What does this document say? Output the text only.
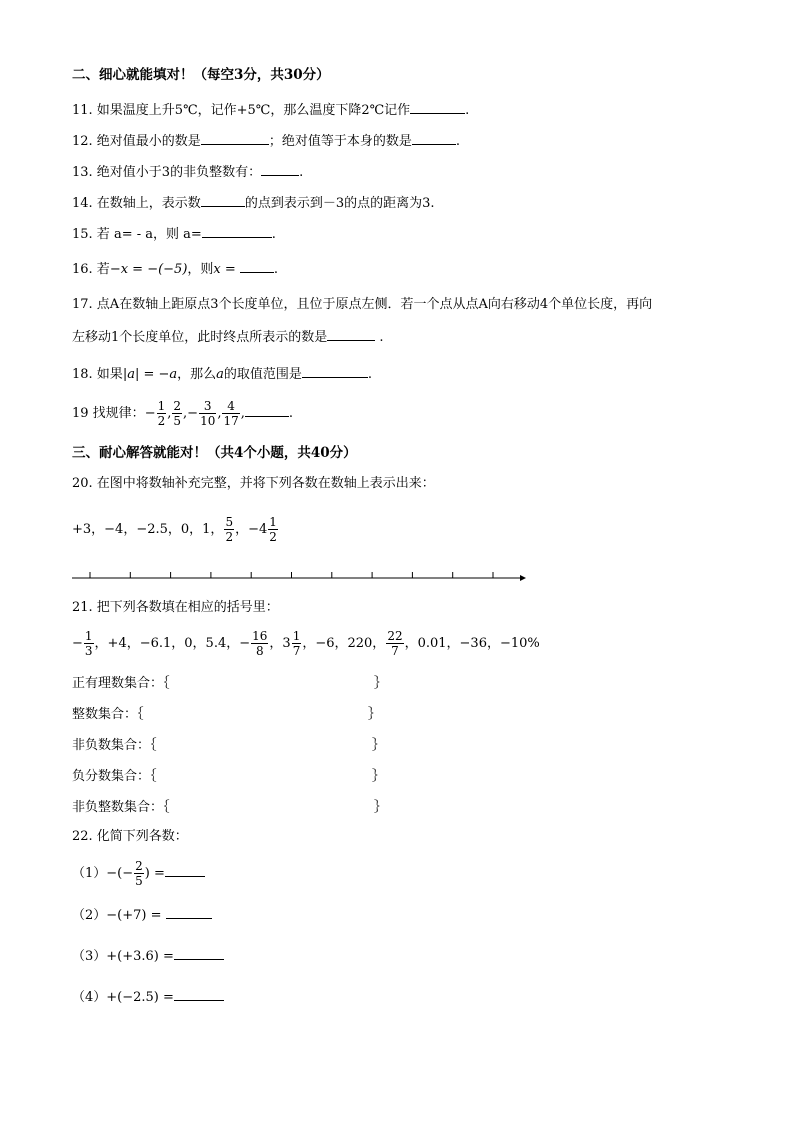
二、细心就能填对！（每空3分，共30分）
11. 如果温度上升5℃，记作+5℃，那么温度下降2℃记作	.
12. 绝对值最小的数是	；绝对值等于本身的数是	.
13. 绝对值小于3的非负整数有：	.
14. 在数轴上，表示数	的点到表示到－3的点的距离为3.
15. 若 a= - a，则 a=	.
16. 若−x = −(−5)，则x =	.
17. 点A在数轴上距原点3个长度单位，且位于原点左侧．若一个点从点A向右移动4个单位长度，再向
左移动1个长度单位，此时终点所表示的数是	.
18. 如果|a| = −a，那么a的取值范围是	.
19 找规律：− $\frac{1}{2}$ , $\frac{2}{5}$ ,− $\frac{3}{10}$ , $\frac{4}{17}$ ,	.
三、耐心解答就能对！（共4个小题，共40分）
20. 在图中将数轴补充完整，并将下列各数在数轴上表示出来：
+3，−4，−2.5，0，1， $\frac{5}{2}$ ，$-4 \frac{1}{2}$
21. 把下列各数填在相应的括号里：
− $\frac{1}{3}$ ，+4，−6.1，0，5.4，− $\frac{16}{8}$ ，$3 \frac{1}{7}$ ，−6，220， $\frac{22}{7}$ ，0.01，−36，−10%
正有理数集合：｛	｝
整数集合：｛	｝
非负数集合：｛	｝
负分数集合：｛	｝
非负整数集合：｛	｝
22. 化简下列各数：
$(1)-(- \frac{2}{5}$ ) =
（2）−(+7) =
（3）+(+3.6) =
（4）+(−2.5) =
